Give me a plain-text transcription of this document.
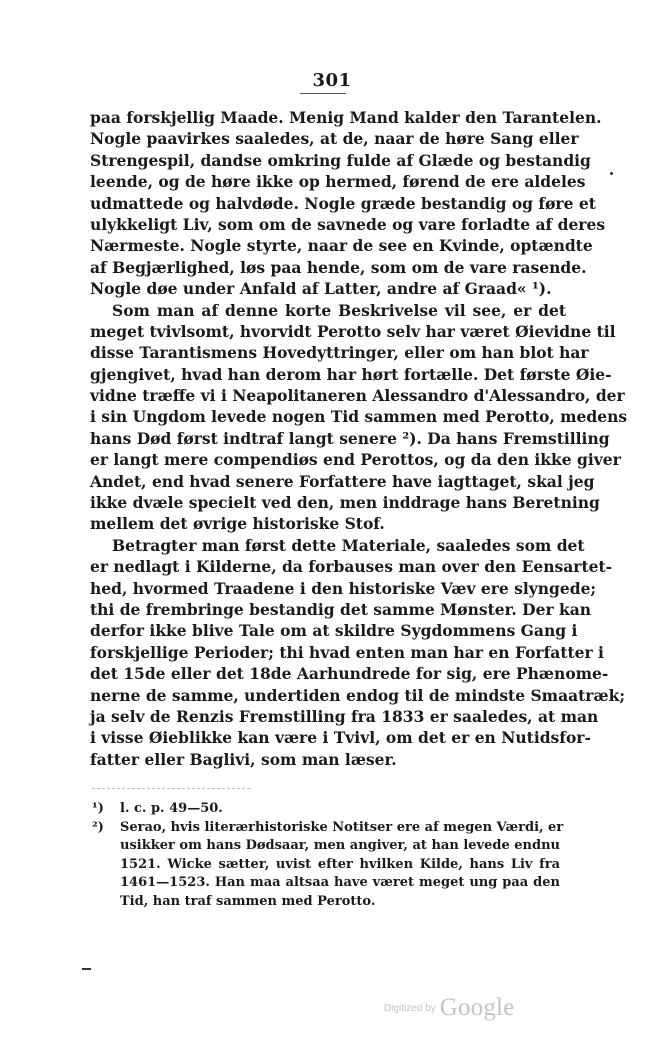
301
paa forskjellig Maade. Menig Mand kalder den Tarantelen.
Nogle paavirkes saaledes, at de, naar de høre Sang eller
Strengespil, dandse omkring fulde af Glæde og bestandig
leende, og de høre ikke op hermed, førend de ere aldeles
udmattede og halvdøde. Nogle græde bestandig og føre et
ulykkeligt Liv, som om de savnede og vare forladte af deres
Nærmeste. Nogle styrte, naar de see en Kvinde, optændte
af Begjærlighed, løs paa hende, som om de vare rasende.
Nogle døe under Anfald af Latter, andre af Graad« ¹).
Som man af denne korte Beskrivelse vil see, er det
meget tvivlsomt, hvorvidt Perotto selv har været Øievidne til
disse Tarantismens Hovedyttringer, eller om han blot har
gjengivet, hvad han derom har hørt fortælle. Det første Øie-
vidne træffe vi i Neapolitaneren Alessandro d'Alessandro, der
i sin Ungdom levede nogen Tid sammen med Perotto, medens
hans Død først indtraf langt senere ²). Da hans Fremstilling
er langt mere compendiøs end Perottos, og da den ikke giver
Andet, end hvad senere Forfattere have iagttaget, skal jeg
ikke dvæle specielt ved den, men inddrage hans Beretning
mellem det øvrige historiske Stof.
Betragter man først dette Materiale, saaledes som det
er nedlagt i Kilderne, da forbauses man over den Eensartet-
hed, hvormed Traadene i den historiske Væv ere slyngede;
thi de frembringe bestandig det samme Mønster. Der kan
derfor ikke blive Tale om at skildre Sygdommens Gang i
forskjellige Perioder; thi hvad enten man har en Forfatter i
det 15de eller det 18de Aarhundrede for sig, ere Phænome-
nerne de samme, undertiden endog til de mindste Smaatræk;
ja selv de Renzis Fremstilling fra 1833 er saaledes, at man
i visse Øieblikke kan være i Tvivl, om det er en Nutidsfor-
fatter eller Baglivi, som man læser.
¹) l. c. p. 49—50.
²) Serao, hvis literærhistoriske Notitser ere af megen Værdi, er
usikker om hans Dødsaar, men angiver, at han levede endnu
1521. Wicke sætter, uvist efter hvilken Kilde, hans Liv fra
1461—1523. Han maa altsaa have været meget ung paa den
Tid, han traf sammen med Perotto.
$^{Digitized by}$ Google
